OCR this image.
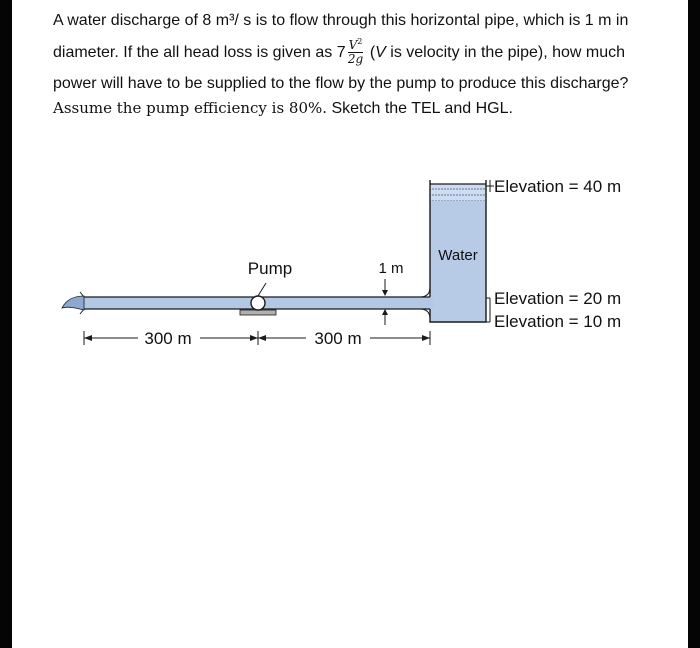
A water discharge of 8 m³/ s is to flow through this horizontal pipe, which is 1 m in
diameter. If the all head loss is given as $7 \frac{V^2}{2g} (V$ is velocity in the pipe), how much
power will have to be supplied to the flow by the pump to produce this discharge?
Assume the pump efficiency is 80%. Sketch the TEL and HGL.
Water
Pump	1 m
Elevation = 40 m
Elevation = 20 m
Elevation = 10 m
300 m	300 m
